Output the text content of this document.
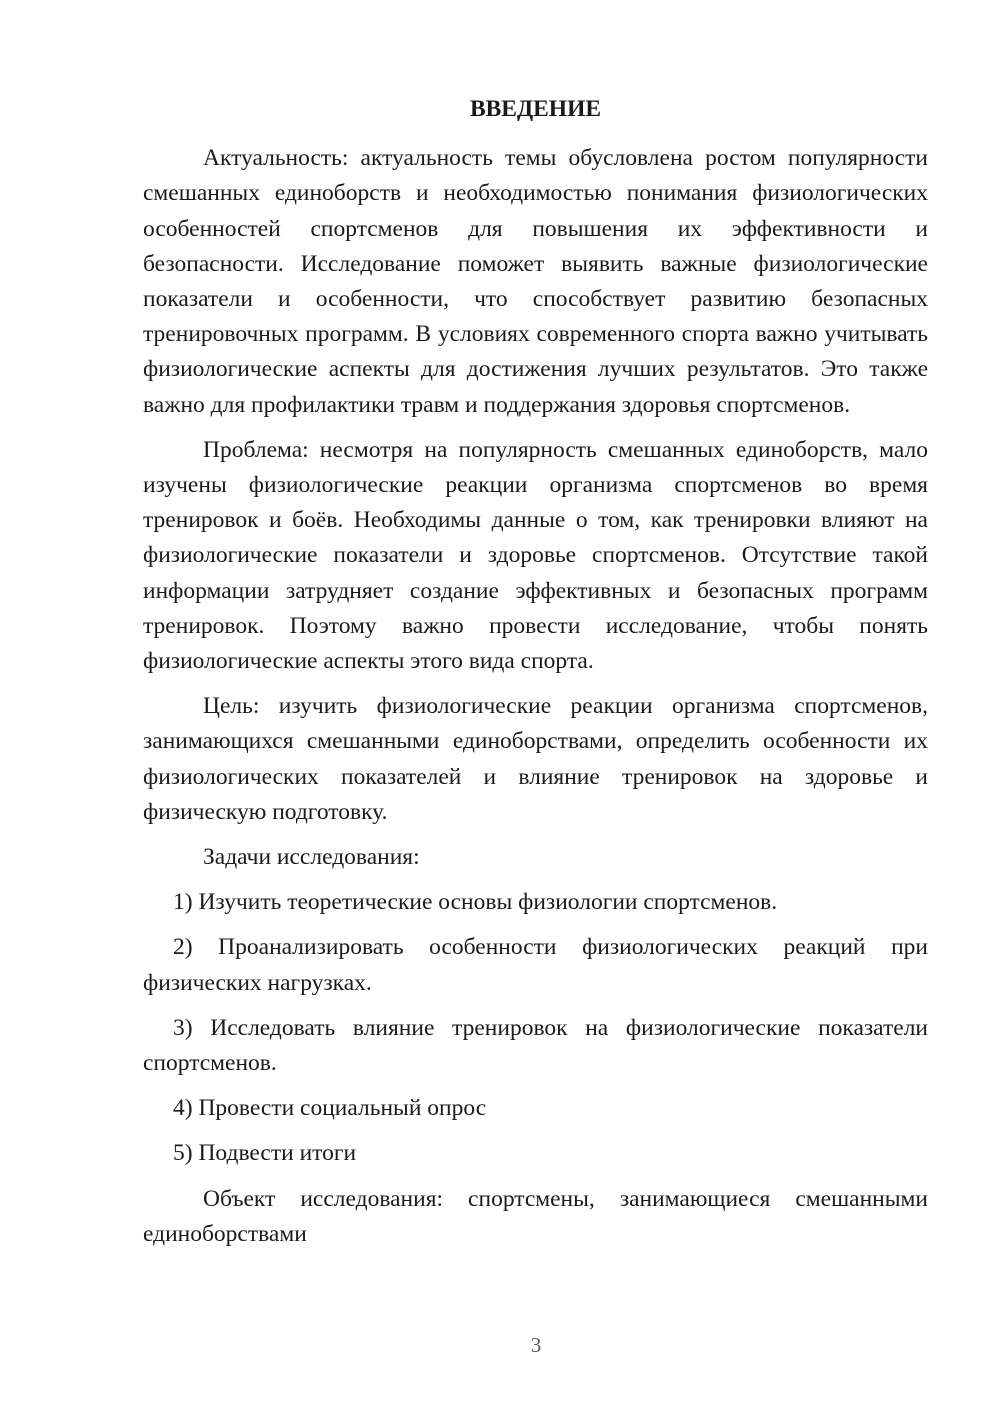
ВВЕДЕНИЕ

Актуальность: актуальность темы обусловлена ростом популярности смешанных единоборств и необходимостью понимания физиологических особенностей спортсменов для повышения их эффективности и безопасности. Исследование поможет выявить важные физиологические показатели и особенности, что способствует развитию безопасных тренировочных программ. В условиях современного спорта важно учитывать физиологические аспекты для достижения лучших результатов. Это также важно для профилактики травм и поддержания здоровья спортсменов.

Проблема: несмотря на популярность смешанных единоборств, мало изучены физиологические реакции организма спортсменов во время тренировок и боёв. Необходимы данные о том, как тренировки влияют на физиологические показатели и здоровье спортсменов. Отсутствие такой информации затрудняет создание эффективных и безопасных программ тренировок. Поэтому важно провести исследование, чтобы понять физиологические аспекты этого вида спорта.

Цель: изучить физиологические реакции организма спортсменов, занимающихся смешанными единоборствами, определить особенности их физиологических показателей и влияние тренировок на здоровье и физическую подготовку.

Задачи исследования:

1) Изучить теоретические основы физиологии спортсменов.

2) Проанализировать особенности физиологических реакций при физических нагрузках.

3) Исследовать влияние тренировок на физиологические показатели спортсменов.

4) Провести социальный опрос

5) Подвести итоги

Объект исследования: спортсмены, занимающиеся смешанными единоборствами

3
